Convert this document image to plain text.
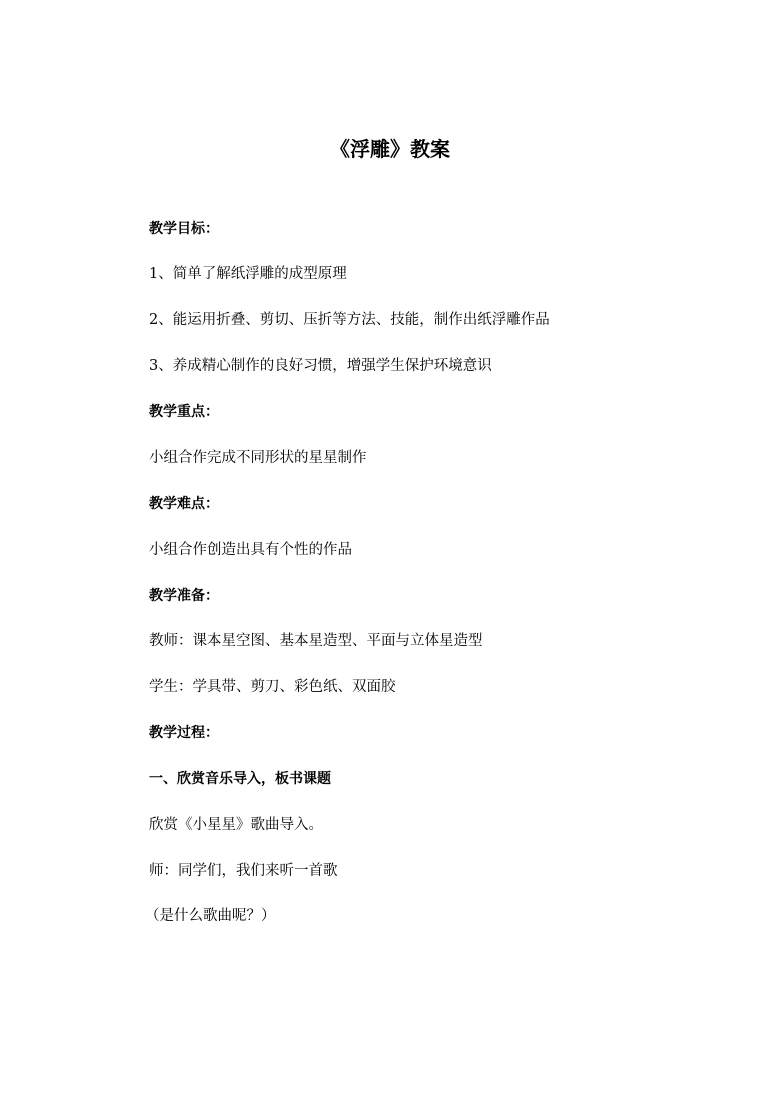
《浮雕》教案
教学目标：
1、简单了解纸浮雕的成型原理
2、能运用折叠、剪切、压折等方法、技能，制作出纸浮雕作品
3、养成精心制作的良好习惯，增强学生保护环境意识
教学重点：
小组合作完成不同形状的星星制作
教学难点：
小组合作创造出具有个性的作品
教学准备：
教师：课本星空图、基本星造型、平面与立体星造型
学生：学具带、剪刀、彩色纸、双面胶
教学过程：
一、欣赏音乐导入，板书课题
欣赏《小星星》歌曲导入。
师：同学们，我们来听一首歌
（是什么歌曲呢？）
